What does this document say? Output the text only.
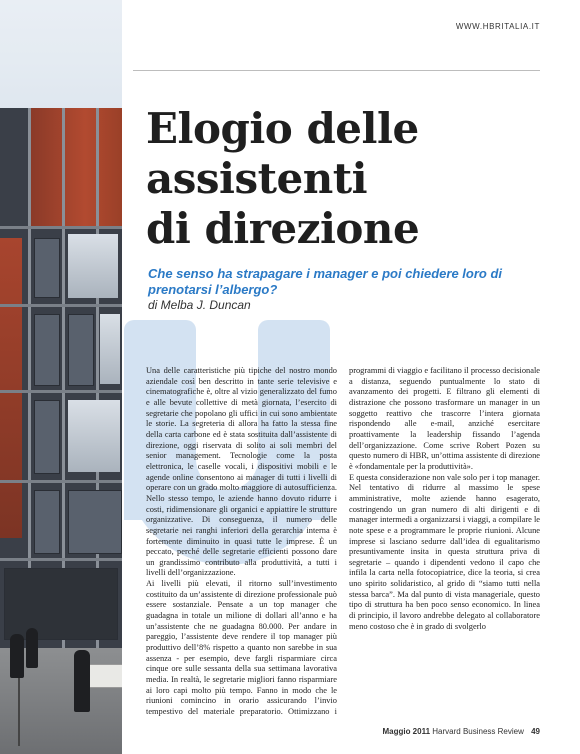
WWW.HBRITALIA.IT
Elogio delle
assistenti
di direzione

Che senso ha strapagare i manager e poi chiedere loro di prenotarsi l’albergo?

di Melba J. Duncan

Una delle caratteristiche più tipiche del nostro mondo aziendale così ben descritto in tante serie televisive e cinematografiche è, oltre al vizio generalizzato del fumo e alle bevute collettive di metà giornata, l’esercito di segretarie che popolano gli uffici in cui sono ambientate le storie. La segreteria di allora ha fatto la stessa fine della carta carbone ed è stata sostituita dall’assistente di direzione, oggi riservata di solito ai soli membri del senior management. Tecnologie come la posta elettronica, le caselle vocali, i dispositivi mobili e le agende online consentono ai manager di tutti i livelli di operare con un grado molto maggiore di autosufficienza. Nello stesso tempo, le aziende hanno dovuto ridurre i costi, ridimensionare gli organici e appiattire le strutture organizzative. Di conseguenza, il numero delle segretarie nei ranghi inferiori della gerarchia interna è fortemente diminuito in quasi tutte le imprese. È un peccato, perché delle segretarie efficienti possono dare un grandissimo contributo alla produttività, a tutti i livelli dell’organizzazione.

Ai livelli più elevati, il ritorno sull’investimento costituito da un’assistente di direzione professionale può essere sostanziale. Pensate a un top manager che guadagna in totale un milione di dollari all’anno e ha un’assistente che ne guadagna 80.000. Per andare in pareggio, l’assistente deve rendere il top manager più produttivo dell’8% rispetto a quanto non sarebbe in sua assenza - per esempio, deve fargli risparmiare circa cinque ore sulle sessanta della sua settimana lavorativa media. In realtà, le segretarie migliori fanno risparmiare ai loro capi molto più tempo. Fanno in modo che le riunioni comincino in orario assicurando l’invio tempestivo del materiale preparatorio. Ottimizzano i programmi di viaggio e facilitano il processo decisionale a distanza, seguendo puntualmente lo stato di avanzamento dei progetti. E filtrano gli elementi di distrazione che possono trasformare un manager in un soggetto reattivo che trascorre l’intera giornata rispondendo alle e-mail, anziché esercitare proattivamente la leadership fissando l’agenda dell’organizzazione. Come scrive Robert Pozen su questo numero di HBR, un’ottima assistente di direzione è «fondamentale per la produttività».

E questa considerazione non vale solo per i top manager. Nel tentativo di ridurre al massimo le spese amministrative, molte aziende hanno esagerato, costringendo un gran numero di alti dirigenti e di manager intermedi a organizzarsi i viaggi, a compilare le note spese e a programmare le proprie riunioni. Alcune imprese si lasciano sedurre dall’idea di egualitarismo presuntivamente insita in questa struttura priva di segretarie – quando i dipendenti vedono il capo che infila la carta nella fotocopiatrice, dice la teoria, si crea uno spirito solidaristico, al grido di “siamo tutti nella stessa barca”. Ma dal punto di vista manageriale, questo tipo di struttura ha ben poco senso economico. In linea di principio, il lavoro andrebbe delegato al collaboratore meno costoso che è in grado di svolgerlo

Maggio 2011 Harvard Business Review 49
